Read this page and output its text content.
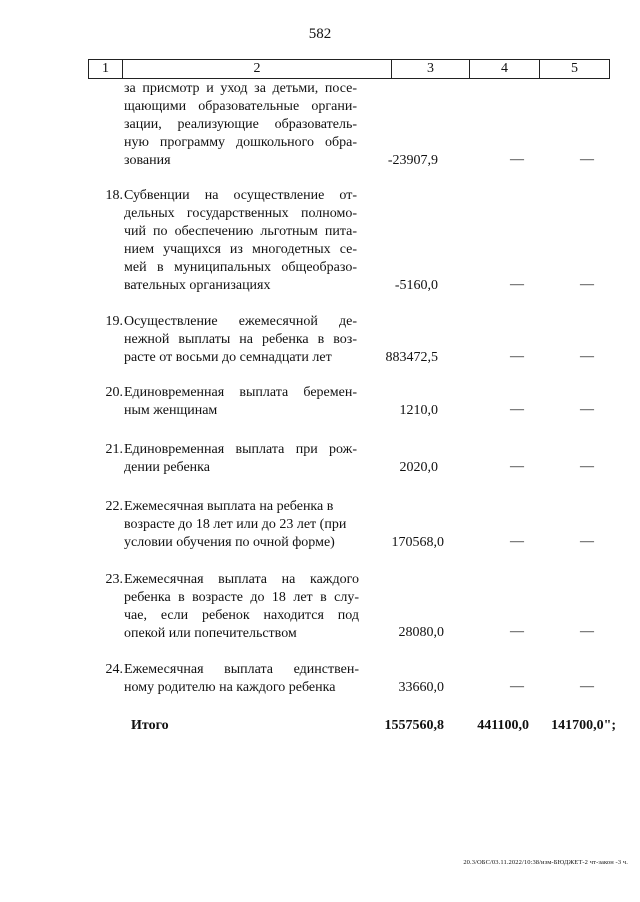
582
1	2	3	4	5
за присмотр и уход за детьми, посе-
щающими образовательные органи-
зации, реализующие образователь-
ную программу дошкольного обра-
зования	-23907,9	—	—
18. Субвенции на осуществление от-
дельных государственных полномо-
чий по обеспечению льготным пита-
нием учащихся из многодетных се-
мей в муниципальных общеобразо-
вательных организациях	-5160,0	—	—
19. Осуществление ежемесячной де-
нежной выплаты на ребенка в воз-
расте от восьми до семнадцати лет	883472,5	—	—
20. Единовременная выплата беремен-
ным женщинам	1210,0	—	—
21. Единовременная выплата при рож-
дении ребенка	2020,0	—	—
22. Ежемесячная выплата на ребенка в
возрасте до 18 лет или до 23 лет (при
условии обучения по очной форме)	170568,0	—	—
23. Ежемесячная выплата на каждого
ребенка в возрасте до 18 лет в слу-
чае, если ребенок находится под
опекой или попечительством	28080,0	—	—
24. Ежемесячная выплата единствен-
ному родителю на каждого ребенка	33660,0	—	—
Итого	1557560,8	441100,0	141700,0";
20.3/ОБС/03.11.2022/10:38/изм-БЮДЖЕТ-2 чт-закон -3 ч.
